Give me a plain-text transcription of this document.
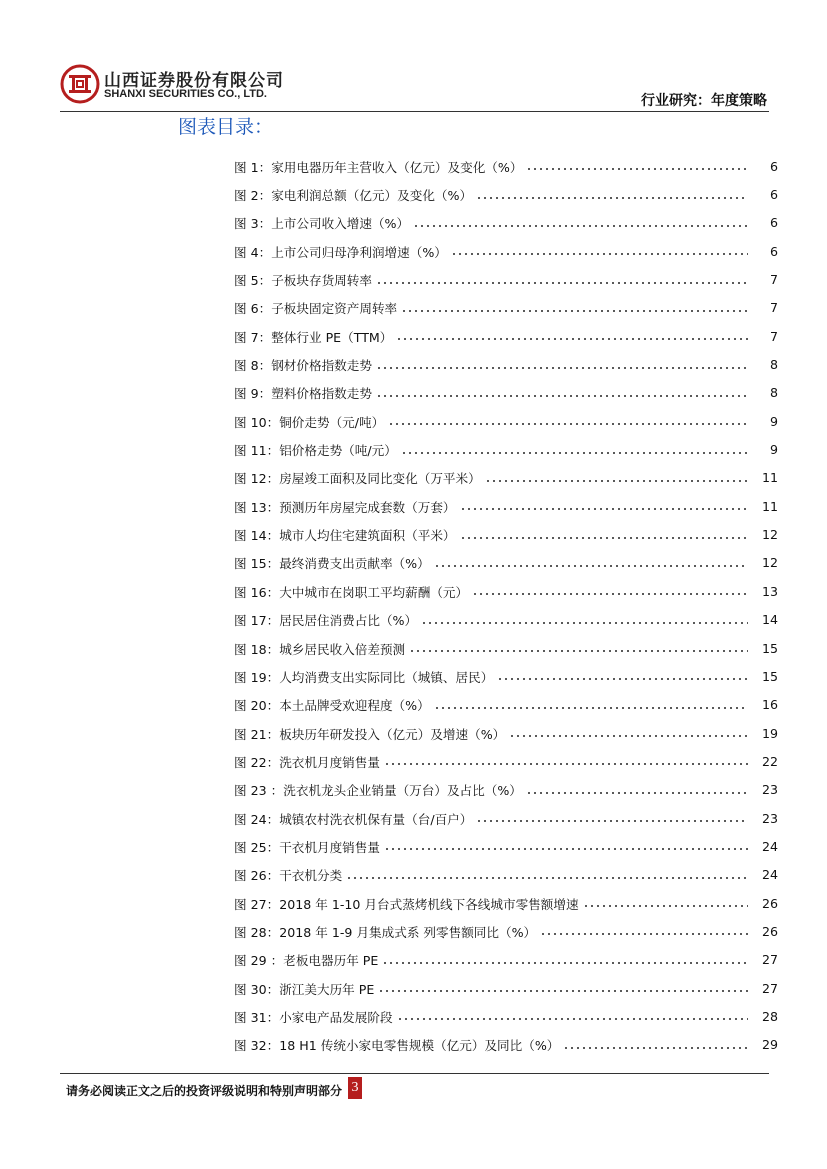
山西证券股份有限公司
SHANXI SECURITIES CO., LTD.	行业研究：年度策略
图表目录：
图 1：家用电器历年主营收入（亿元）及变化（%）	6
图 2：家电利润总额（亿元）及变化（%）	6
图 3：上市公司收入增速（%）	6
图 4：上市公司归母净利润增速（%）	6
图 5：子板块存货周转率	7
图 6：子板块固定资产周转率	7
图 7：整体行业 PE（TTM）	7
图 8：钢材价格指数走势	8
图 9：塑料价格指数走势	8
图 10：铜价走势（元/吨）	9
图 11：铝价格走势（吨/元）	9
图 12：房屋竣工面积及同比变化（万平米）	11
图 13：预测历年房屋完成套数（万套）	11
图 14：城市人均住宅建筑面积（平米）	12
图 15：最终消费支出贡献率（%）	12
图 16：大中城市在岗职工平均薪酬（元）	13
图 17：居民居住消费占比（%）	14
图 18：城乡居民收入倍差预测	15
图 19：人均消费支出实际同比（城镇、居民）	15
图 20：本土品牌受欢迎程度（%）	16
图 21：板块历年研发投入（亿元）及增速（%）	19
图 22：洗衣机月度销售量	22
图 23 ：洗衣机龙头企业销量（万台）及占比（%）	23
图 24：城镇农村洗衣机保有量（台/百户）	23
图 25：干衣机月度销售量	24
图 26：干衣机分类	24
图 27：2018 年 1-10 月台式蒸烤机线下各线城市零售额增速	26
图 28：2018 年 1-9 月集成式系 列零售额同比（%）	26
图 29 ：老板电器历年 PE	27
图 30：浙江美大历年 PE	27
图 31：小家电产品发展阶段	28
图 32：18 H1 传统小家电零售规模（亿元）及同比（%）	29
请务必阅读正文之后的投资评级说明和特别声明部分 3
